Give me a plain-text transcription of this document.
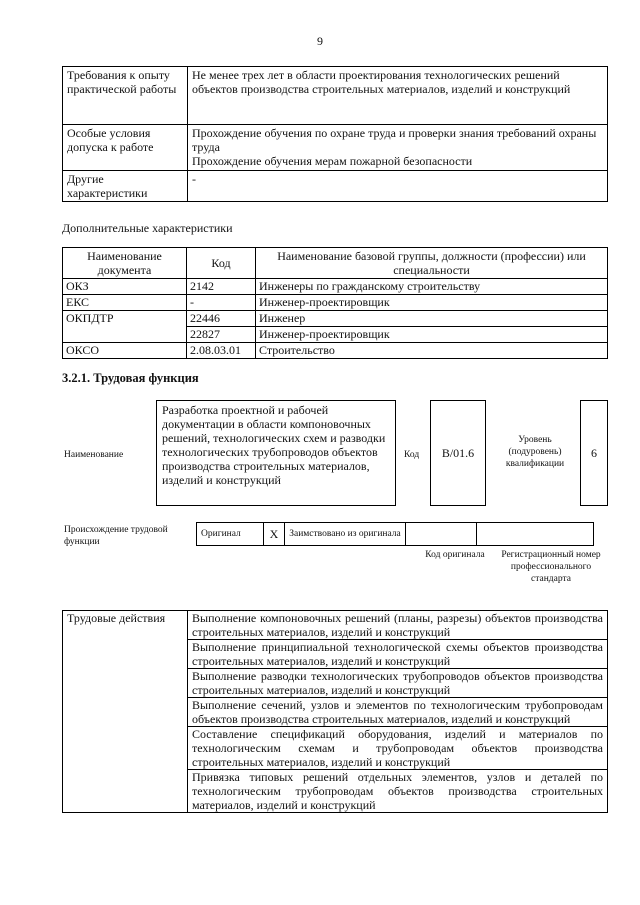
9
Требования к опыту практической работы	Не менее трех лет в области проектирования технологических решений объектов производства строительных материалов, изделий и конструкций
Особые условия допуска к работе	Прохождение обучения по охране труда и проверки знания требований охраны труда
Прохождение обучения мерам пожарной безопасности

Другие характеристики	-
Дополнительные характеристики
Наименование документа	Код	Наименование базовой группы, должности (профессии) или специальности
ОКЗ	2142	Инженеры по гражданскому строительству
ЕКС	-	Инженер-проектировщик
ОКПДТР	22446	Инженер
	22827	Инженер-проектировщик
ОКСО	2.08.03.01	Строительство
3.2.1. Трудовая функция
Наименование
Разработка проектной и рабочей документации в области компоновочных решений, технологических схем и разводки технологических трубопроводов объектов производства строительных материалов, изделий и конструкций
Код	B/01.6
Уровень (подуровень) квалификации
6
Происхождение трудовой функции
Оригинал	X	Заимствовано из оригинала		
Код оригинала	Регистрационный номер профессионального стандарта
Трудовые действия	Выполнение компоновочных решений (планы, разрезы) объектов производства строительных материалов, изделий и конструкций
Выполнение принципиальной технологической схемы объектов производства строительных материалов, изделий и конструкций
Выполнение разводки технологических трубопроводов объектов производства строительных материалов, изделий и конструкций
Выполнение сечений, узлов и элементов по технологическим трубопроводам объектов производства строительных материалов, изделий и конструкций
Составление спецификаций оборудования, изделий и материалов по технологическим схемам и трубопроводам объектов производства строительных материалов, изделий и конструкций
Привязка типовых решений отдельных элементов, узлов и деталей по технологическим трубопроводам объектов производства строительных материалов, изделий и конструкций
